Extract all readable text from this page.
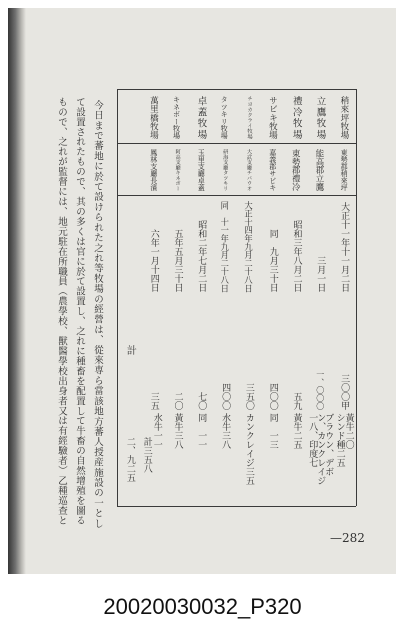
今日まで蕃地に於て設けられた之れ等牧場の經營は、從來専ら當該地方蕃人授産施設の一とし
て設置されたもので、其の多くは官に於て設置し、之れに種畜を配置して牛畜の自然增殖を圖る
もので、之れが監督には、地元駐在所職員（農學校、獸醫學校出身者又は有經驗者）乙種巡查と	稍來坪牧場
東勢郡稍來坪
大正十一年十一月二日
三〇〇甲
黃牛二〇
シンド種二五
立鷹牧場
能高郡立鷹
三月一日
一、〇〇〇
ブラウン、デボ
ン、カンクレイジ
一八、印度七
禮冷牧場
東勢郡禮冷
昭和三年八月二日
五九
黃牛二五
サビキ牧場
嘉義郡サビキ
同　九月三十日
四〇〇
同　一三
チヨカクライ牧場
大武支廳チバウオ
大正十四年九月二十八日
三五〇
カンクレイジ三五
タツキリ牧場
研海支廳タツキリ
同　十一年九月二十八日
四〇〇
水牛三八
卓蓋牧場
玉里支廳卓蓋
昭和二年七月二日
七〇
同　一一
キネボー牧場
阿高支廳キネボー
五年五月三十日
二〇
黃牛三八
萬里橋牧場
鳳林支廳長濱
六年一月十四日
三五
水牛一一
計
二、九二五 計三五八
—282
20020030032_P320
